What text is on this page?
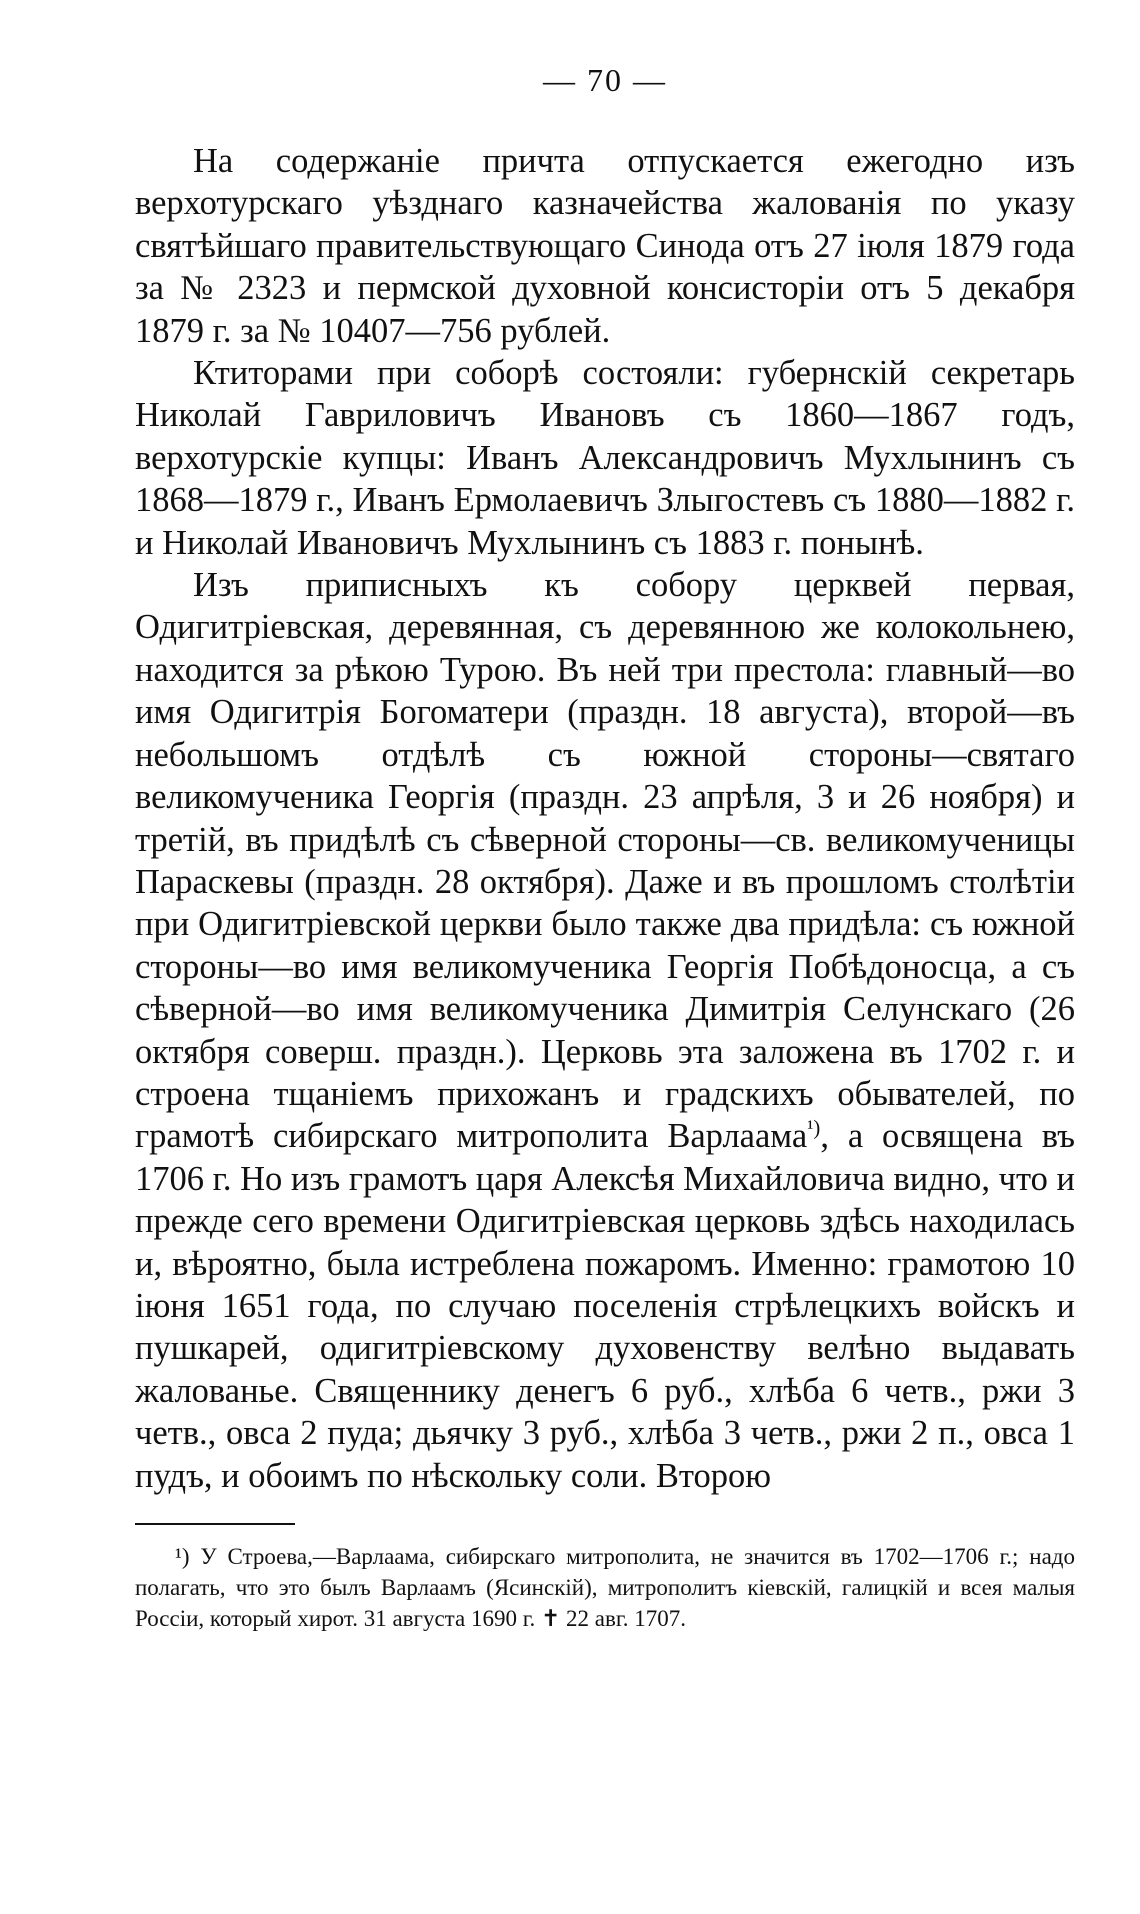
— 70 —

На содержаніе причта отпускается ежегодно изъ верхотурскаго уѣзднаго казначейства жалованія по указу святѣйшаго правительствующаго Синода отъ 27 іюля 1879 года за № 2323 и пермской духовной консисторіи отъ 5 декабря 1879 г. за № 10407—756 рублей.

Ктиторами при соборѣ состояли: губернскій секретарь Николай Гавриловичъ Ивановъ съ 1860—1867 годъ, верхотурскіе купцы: Иванъ Александровичъ Мухлынинъ съ 1868—1879 г., Иванъ Ермолаевичъ Злыгостевъ съ 1880—1882 г. и Николай Ивановичъ Мухлынинъ съ 1883 г. понынѣ.

Изъ приписныхъ къ собору церквей первая, Одигитріевская, деревянная, съ деревянною же колокольнею, находится за рѣкою Турою. Въ ней три престола: главный—во имя Одигитрія Богоматери (праздн. 18 августа), второй—въ небольшомъ отдѣлѣ съ южной стороны—святаго великомученика Георгія (праздн. 23 апрѣля, 3 и 26 ноября) и третій, въ придѣлѣ съ сѣверной стороны—св. великомученицы Параскевы (праздн. 28 октября). Даже и въ прошломъ столѣтіи при Одигитріевской церкви было также два придѣла: съ южной стороны—во имя великомученика Георгія Побѣдоносца, а съ сѣверной—во имя великомученика Димитрія Селунскаго (26 октября соверш. праздн.). Церковь эта заложена въ 1702 г. и строена тщаніемъ прихожанъ и градскихъ обывателей, по грамотѣ сибирскаго митрополита Варлаама$^{^1)}$, а освящена въ 1706 г. Но изъ грамотъ царя Алексѣя Михайловича видно, что и прежде сего времени Одигитріевская церковь здѣсь находилась и, вѣроятно, была истреблена пожаромъ. Именно: грамотою 10 іюня 1651 года, по случаю поселенія стрѣлецкихъ войскъ и пушкарей, одигитріевскому духовенству велѣно выдавать жалованье. Священнику денегъ 6 руб., хлѣба 6 четв., ржи 3 четв., овса 2 пуда; дьячку 3 руб., хлѣба 3 четв., ржи 2 п., овса 1 пудъ, и обоимъ по нѣскольку соли. Второю

¹) У Строева,—Варлаама, сибирскаго митрополита, не значится въ 1702—1706 г.; надо полагать, что это былъ Варлаамъ (Ясинскій), митрополитъ кіевскій, галицкій и всея малыя Россіи, который хирот. 31 августа 1690 г. ✝ 22 авг. 1707.
